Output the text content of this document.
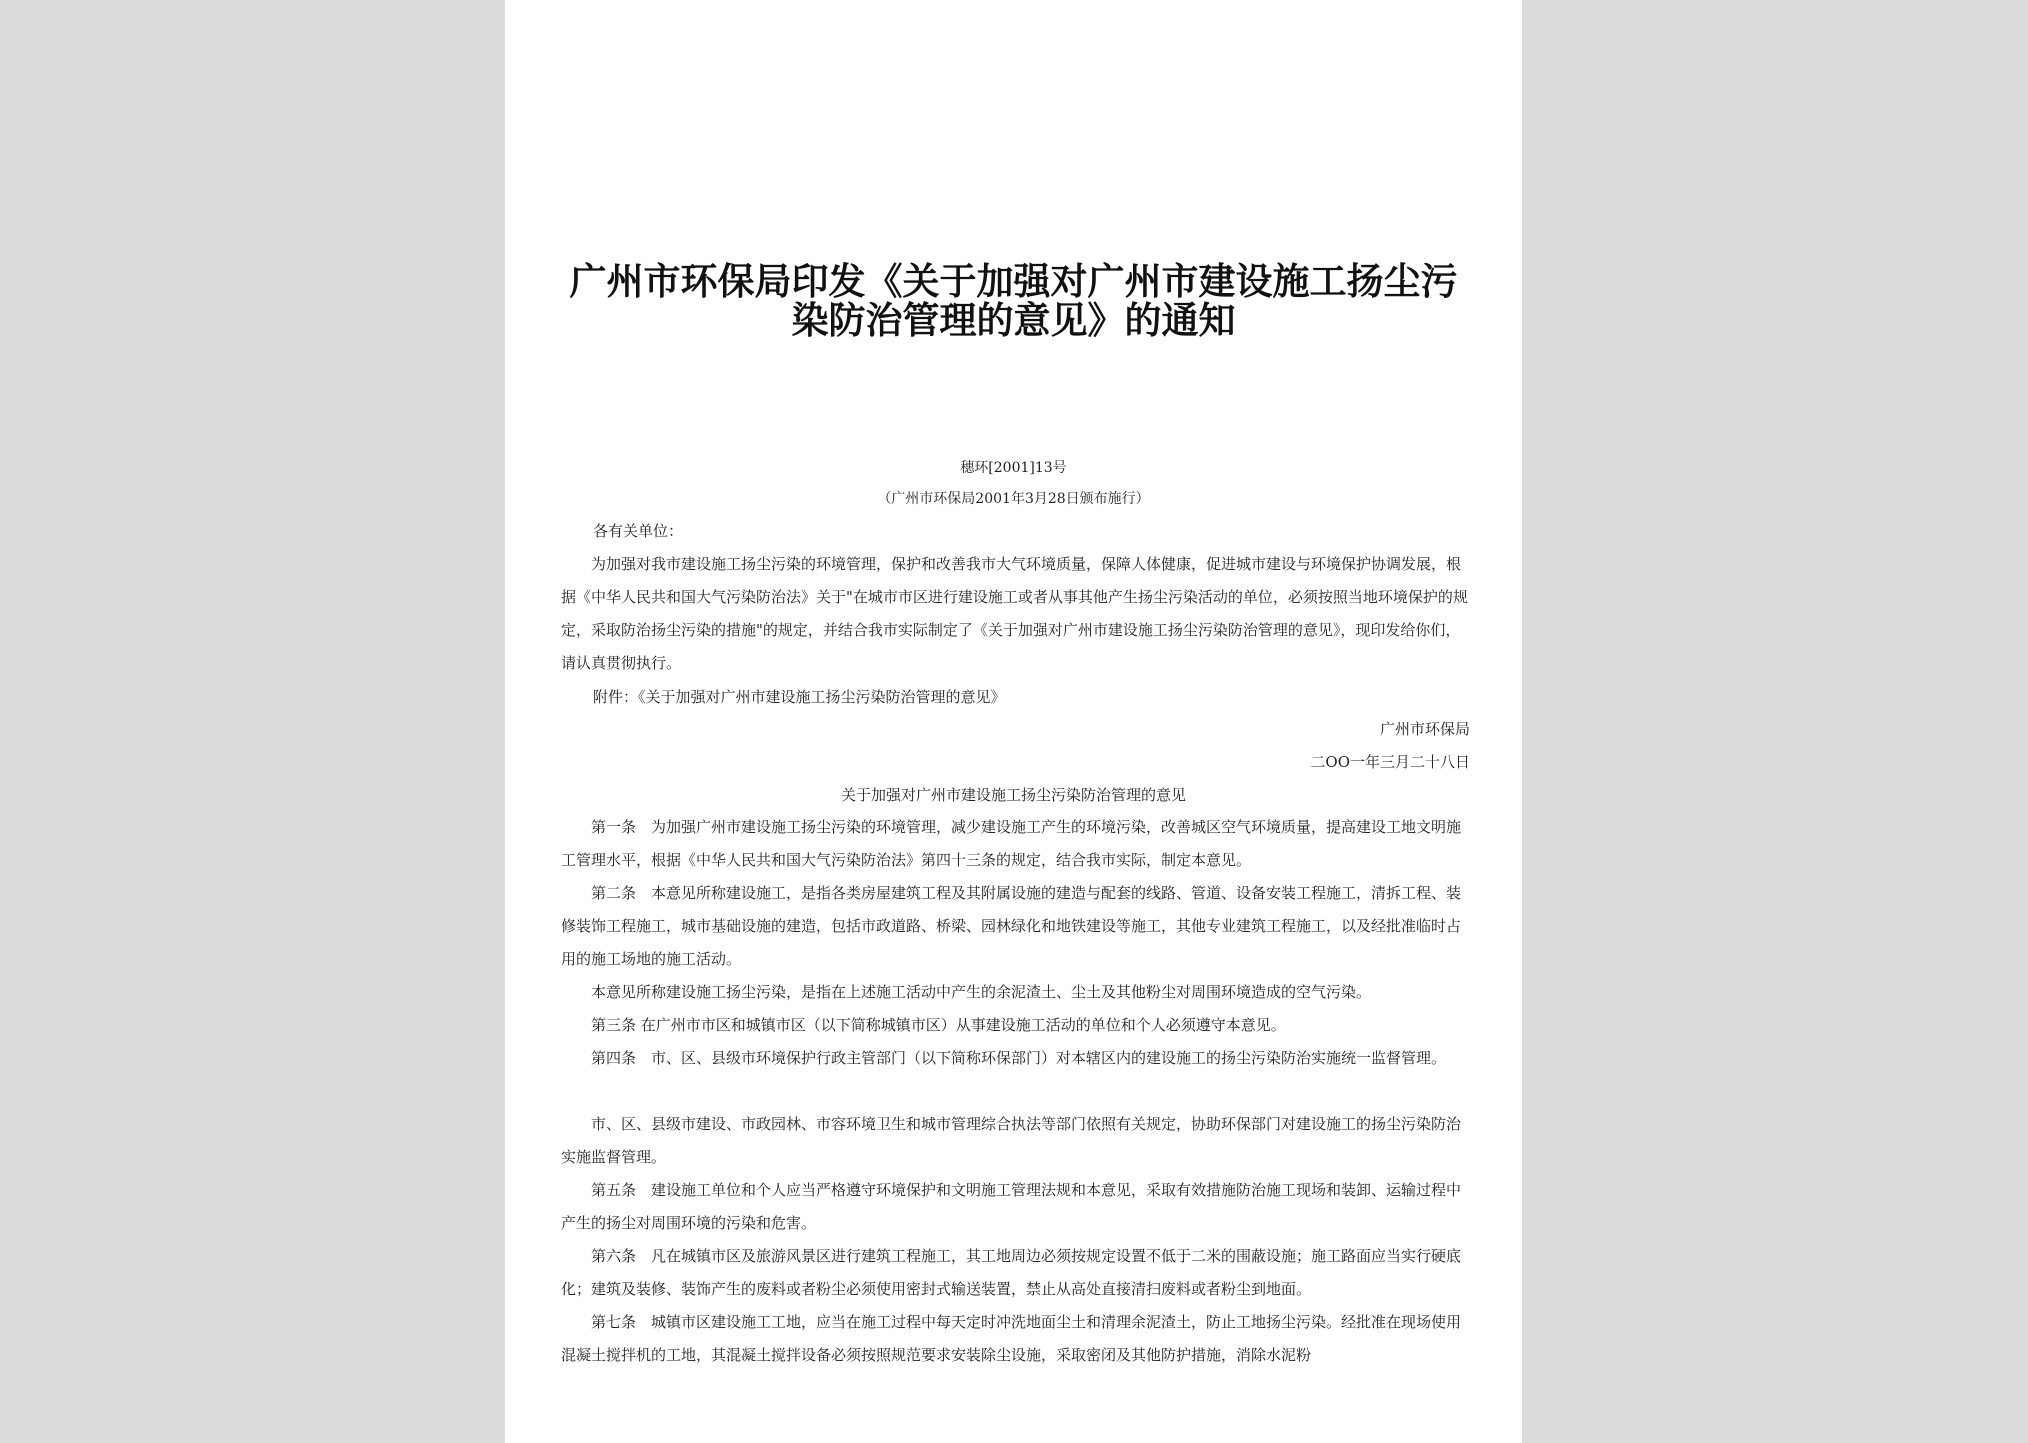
广州市环保局印发《关于加强对广州市建设施工扬尘污染防治管理的意见》的通知
穗环[2001]13号
（广州市环保局2001年3月28日颁布施行）
各有关单位：
为加强对我市建设施工扬尘污染的环境管理，保护和改善我市大气环境质量，保障人体健康，促进城市建设与环境保护协调发展，根据《中华人民共和国大气污染防治法》关于"在城市市区进行建设施工或者从事其他产生扬尘污染活动的单位，必须按照当地环境保护的规定，采取防治扬尘污染的措施"的规定，并结合我市实际制定了《关于加强对广州市建设施工扬尘污染防治管理的意见》，现印发给你们，请认真贯彻执行。
附件：《关于加强对广州市建设施工扬尘污染防治管理的意见》
广州市环保局
二ОО一年三月二十八日
关于加强对广州市建设施工扬尘污染防治管理的意见
第一条　为加强广州市建设施工扬尘污染的环境管理，减少建设施工产生的环境污染，改善城区空气环境质量，提高建设工地文明施工管理水平，根据《中华人民共和国大气污染防治法》第四十三条的规定，结合我市实际，制定本意见。
第二条　本意见所称建设施工，是指各类房屋建筑工程及其附属设施的建造与配套的线路、管道、设备安装工程施工，清拆工程、装修装饰工程施工，城市基础设施的建造，包括市政道路、桥梁、园林绿化和地铁建设等施工，其他专业建筑工程施工，以及经批准临时占用的施工场地的施工活动。
本意见所称建设施工扬尘污染，是指在上述施工活动中产生的余泥渣土、尘土及其他粉尘对周围环境造成的空气污染。
第三条 在广州市市区和城镇市区（以下简称城镇市区）从事建设施工活动的单位和个人必须遵守本意见。
第四条　市、区、县级市环境保护行政主管部门（以下简称环保部门）对本辖区内的建设施工的扬尘污染防治实施统一监督管理。
市、区、县级市建设、市政园林、市容环境卫生和城市管理综合执法等部门依照有关规定，协助环保部门对建设施工的扬尘污染防治实施监督管理。
第五条　建设施工单位和个人应当严格遵守环境保护和文明施工管理法规和本意见，采取有效措施防治施工现场和装卸、运输过程中产生的扬尘对周围环境的污染和危害。
第六条　凡在城镇市区及旅游风景区进行建筑工程施工，其工地周边必须按规定设置不低于二米的围蔽设施；施工路面应当实行硬底化；建筑及装修、装饰产生的废料或者粉尘必须使用密封式输送装置，禁止从高处直接清扫废料或者粉尘到地面。
第七条　城镇市区建设施工工地，应当在施工过程中每天定时冲洗地面尘土和清理余泥渣土，防止工地扬尘污染。经批准在现场使用混凝土搅拌机的工地，其混凝土搅拌设备必须按照规范要求安装除尘设施，采取密闭及其他防护措施，消除水泥粉
